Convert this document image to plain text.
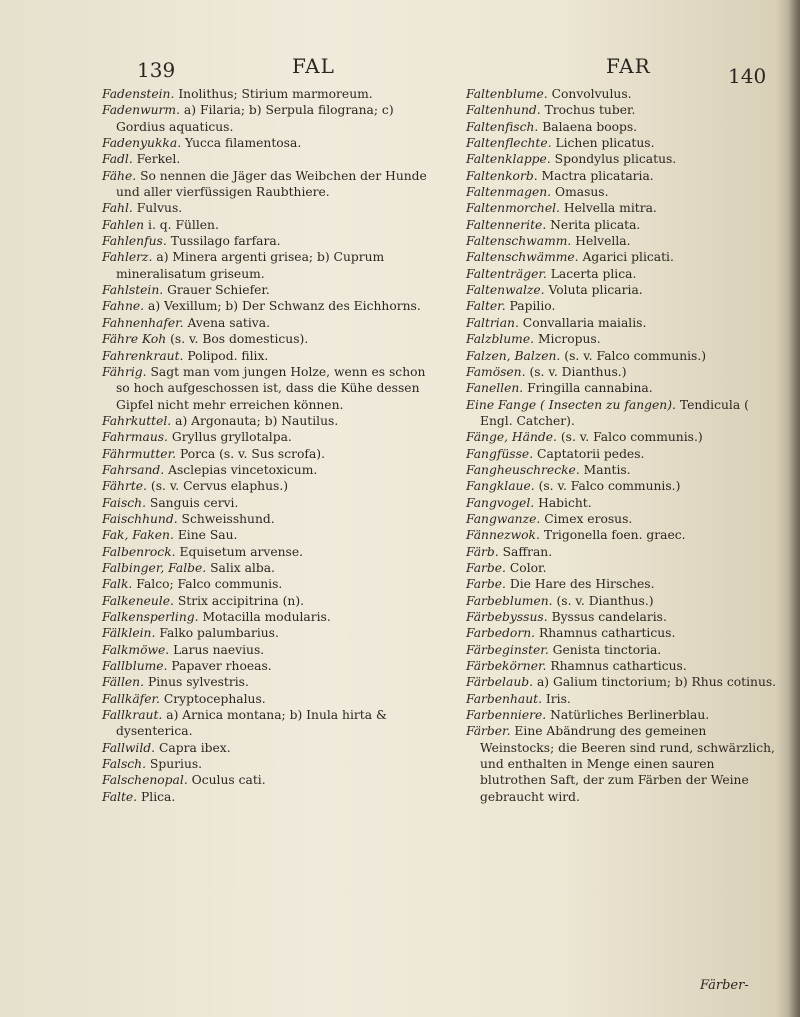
139	FAL	FAR	140
Fadenstein. Inolithus; Stirium marmoreum.
Fadenwurm. a) Filaria; b) Serpula filograna; c) Gordius aquaticus.
Fadenyukka. Yucca filamentosa.
Fadl. Ferkel.
Fähe. So nennen die Jäger das Weibchen der Hunde und aller vierfüssigen Raubthiere.
Fahl. Fulvus.
Fahlen i. q. Füllen.
Fahlenfus. Tussilago farfara.
Fahlerz. a) Minera argenti grisea; b) Cuprum mineralisatum griseum.
Fahlstein. Grauer Schiefer.
Fahne. a) Vexillum; b) Der Schwanz des Eichhorns.
Fahnenhafer. Avena sativa.
Fähre Koh (s. v. Bos domesticus).
Fahrenkraut. Polipod. filix.
Fährig. Sagt man vom jungen Holze, wenn es schon so hoch aufgeschossen ist, dass die Kühe dessen Gipfel nicht mehr erreichen können.
Fahrkuttel. a) Argonauta; b) Nautilus.
Fahrmaus. Gryllus gryllotalpa.
Fährmutter. Porca (s. v. Sus scrofa).
Fahrsand. Asclepias vincetoxicum.
Fährte. (s. v. Cervus elaphus.)
Faisch. Sanguis cervi.
Faischhund. Schweisshund.
Fak, Faken. Eine Sau.
Falbenrock. Equisetum arvense.
Falbinger, Falbe. Salix alba.
Falk. Falco; Falco communis.
Falkeneule. Strix accipitrina (n).
Falkensperling. Motacilla modularis.
Fälklein. Falko palumbarius.
Falkmöwe. Larus naevius.
Fallblume. Papaver rhoeas.
Fällen. Pinus sylvestris.
Fallkäfer. Cryptocephalus.
Fallkraut. a) Arnica montana; b) Inula hirta & dysenterica.
Fallwild. Capra ibex.
Falsch. Spurius.
Falschenopal. Oculus cati.
Falte. Plica.
Faltenblume. Convolvulus.
Faltenhund. Trochus tuber.
Faltenfisch. Balaena boops.
Faltenflechte. Lichen plicatus.
Faltenklappe. Spondylus plicatus.
Faltenkorb. Mactra plicataria.
Faltenmagen. Omasus.
Faltenmorchel. Helvella mitra.
Faltennerite. Nerita plicata.
Faltenschwamm. Helvella.
Faltenschwämme. Agarici plicati.
Faltenträger. Lacerta plica.
Faltenwalze. Voluta plicaria.
Falter. Papilio.
Faltrian. Convallaria maialis.
Falzblume. Micropus.
Falzen, Balzen. (s. v. Falco communis.)
Famösen. (s. v. Dianthus.)
Fanellen. Fringilla cannabina.
Eine Fange ( Insecten zu fangen). Tendicula ( Engl. Catcher).
Fänge, Hände. (s. v. Falco communis.)
Fangfüsse. Captatorii pedes.
Fangheuschrecke. Mantis.
Fangklaue. (s. v. Falco communis.)
Fangvogel. Habicht.
Fangwanze. Cimex erosus.
Fännezwok. Trigonella foen. graec.
Färb. Saffran.
Farbe. Color.
Farbe. Die Hare des Hirsches.
Farbeblumen. (s. v. Dianthus.)
Färbebyssus. Byssus candelaris.
Farbedorn. Rhamnus catharticus.
Färbeginster. Genista tinctoria.
Färbekörner. Rhamnus catharticus.
Färbelaub. a) Galium tinctorium; b) Rhus cotinus.
Farbenhaut. Iris.
Farbenniere. Natürliches Berlinerblau.
Färber. Eine Abändrung des gemeinen Weinstocks; die Beeren sind rund, schwärzlich, und enthalten in Menge einen sauren blutrothen Saft, der zum Färben der Weine gebraucht wird.
Färber-
